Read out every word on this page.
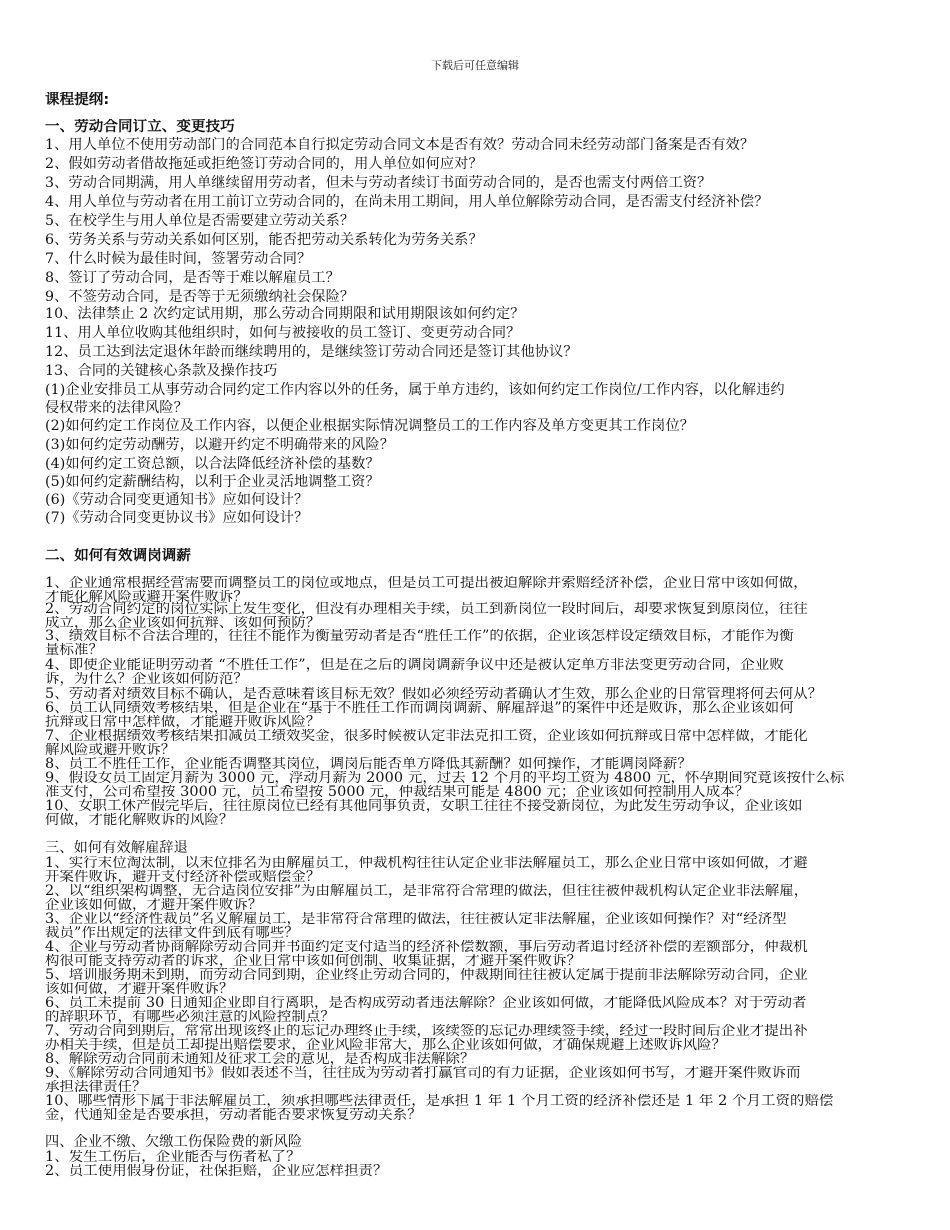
下载后可任意编辑
课程提纲:
一、劳动合同订立、变更技巧
1、用人单位不使用劳动部门的合同范本自行拟定劳动合同文本是否有效？劳动合同未经劳动部门备案是否有效？
2、假如劳动者借故拖延或拒绝签订劳动合同的，用人单位如何应对？
3、劳动合同期满，用人单继续留用劳动者，但未与劳动者续订书面劳动合同的，是否也需支付两倍工资？
4、用人单位与劳动者在用工前订立劳动合同的，在尚未用工期间，用人单位解除劳动合同，是否需支付经济补偿？
5、在校学生与用人单位是否需要建立劳动关系？
6、劳务关系与劳动关系如何区别，能否把劳动关系转化为劳务关系？
7、什么时候为最佳时间，签署劳动合同？
8、签订了劳动合同，是否等于难以解雇员工？
9、不签劳动合同，是否等于无须缴纳社会保险？
10、法律禁止 2 次约定试用期，那么劳动合同期限和试用期限该如何约定？
11、用人单位收购其他组织时，如何与被接收的员工签订、变更劳动合同？
12、员工达到法定退休年龄而继续聘用的，是继续签订劳动合同还是签订其他协议？
13、合同的关键核心条款及操作技巧
(1)企业安排员工从事劳动合同约定工作内容以外的任务，属于单方违约，该如何约定工作岗位/工作内容，以化解违约
侵权带来的法律风险？
(2)如何约定工作岗位及工作内容，以便企业根据实际情况调整员工的工作内容及单方变更其工作岗位？
(3)如何约定劳动酬劳，以避开约定不明确带来的风险？
(4)如何约定工资总额，以合法降低经济补偿的基数？
(5)如何约定薪酬结构，以利于企业灵活地调整工资？
(6)《劳动合同变更通知书》应如何设计？
(7)《劳动合同变更协议书》应如何设计？
二、如何有效调岗调薪
1、企业通常根据经营需要而调整员工的岗位或地点，但是员工可提出被迫解除并索赔经济补偿，企业日常中该如何做，
才能化解风险或避开案件败诉？
2、劳动合同约定的岗位实际上发生变化，但没有办理相关手续，员工到新岗位一段时间后，却要求恢复到原岗位，往往
成立，那么企业该如何抗辩、该如何预防？
3、绩效目标不合法合理的，往往不能作为衡量劳动者是否“胜任工作”的依据，企业该怎样设定绩效目标，才能作为衡
量标准？
4、即使企业能证明劳动者 “不胜任工作”，但是在之后的调岗调薪争议中还是被认定单方非法变更劳动合同，企业败
诉，为什么？企业该如何防范？
5、劳动者对绩效目标不确认，是否意味着该目标无效？假如必须经劳动者确认才生效，那么企业的日常管理将何去何从？
6、员工认同绩效考核结果，但是企业在“基于不胜任工作而调岗调薪、解雇辞退”的案件中还是败诉，那么企业该如何
抗辩或日常中怎样做，才能避开败诉风险？
7、企业根据绩效考核结果扣减员工绩效奖金，很多时候被认定非法克扣工资，企业该如何抗辩或日常中怎样做，才能化
解风险或避开败诉？
8、员工不胜任工作，企业能否调整其岗位，调岗后能否单方降低其薪酬？如何操作，才能调岗降薪？
9、假设女员工固定月薪为 3000 元，浮动月薪为 2000 元，过去 12 个月的平均工资为 4800 元，怀孕期间究竟该按什么标
准支付，公司希望按 3000 元，员工希望按 5000 元，仲裁结果可能是 4800 元；企业该如何控制用人成本？
10、女职工休产假完毕后，往往原岗位已经有其他同事负责，女职工往往不接受新岗位，为此发生劳动争议，企业该如
何做，才能化解败诉的风险？
三、如何有效解雇辞退
1、实行末位淘汰制，以末位排名为由解雇员工，仲裁机构往往认定企业非法解雇员工，那么企业日常中该如何做，才避
开案件败诉，避开支付经济补偿或赔偿金？
2、以“组织架构调整，无合适岗位安排”为由解雇员工，是非常符合常理的做法，但往往被仲裁机构认定企业非法解雇，
企业该如何做，才避开案件败诉？
3、企业以“经济性裁员”名义解雇员工，是非常符合常理的做法，往往被认定非法解雇，企业该如何操作？对“经济型
裁员”作出规定的法律文件到底有哪些？
4、企业与劳动者协商解除劳动合同并书面约定支付适当的经济补偿数额，事后劳动者追讨经济补偿的差额部分，仲裁机
构很可能支持劳动者的诉求，企业日常中该如何创制、收集证据，才避开案件败诉？
5、培训服务期未到期，而劳动合同到期，企业终止劳动合同的，仲裁期间往往被认定属于提前非法解除劳动合同，企业
该如何做，才避开案件败诉？
6、员工未提前 30 日通知企业即自行离职，是否构成劳动者违法解除？企业该如何做，才能降低风险成本？对于劳动者
的辞职环节，有哪些必须注意的风险控制点？
7、劳动合同到期后，常常出现该终止的忘记办理终止手续，该续签的忘记办理续签手续，经过一段时间后企业才提出补
办相关手续，但是员工却提出赔偿要求，企业风险非常大，那么企业该如何做，才确保规避上述败诉风险？
8、解除劳动合同前未通知及征求工会的意见，是否构成非法解除？
9、《解除劳动合同通知书》假如表述不当，往往成为劳动者打赢官司的有力证据，企业该如何书写，才避开案件败诉而
承担法律责任？
10、哪些情形下属于非法解雇员工，须承担哪些法律责任，是承担 1 年 1 个月工资的经济补偿还是 1 年 2 个月工资的赔偿
金，代通知金是否要承担，劳动者能否要求恢复劳动关系？
四、企业不缴、欠缴工伤保险费的新风险
1、发生工伤后，企业能否与伤者私了？
2、员工使用假身份证，社保拒赔，企业应怎样担责？
